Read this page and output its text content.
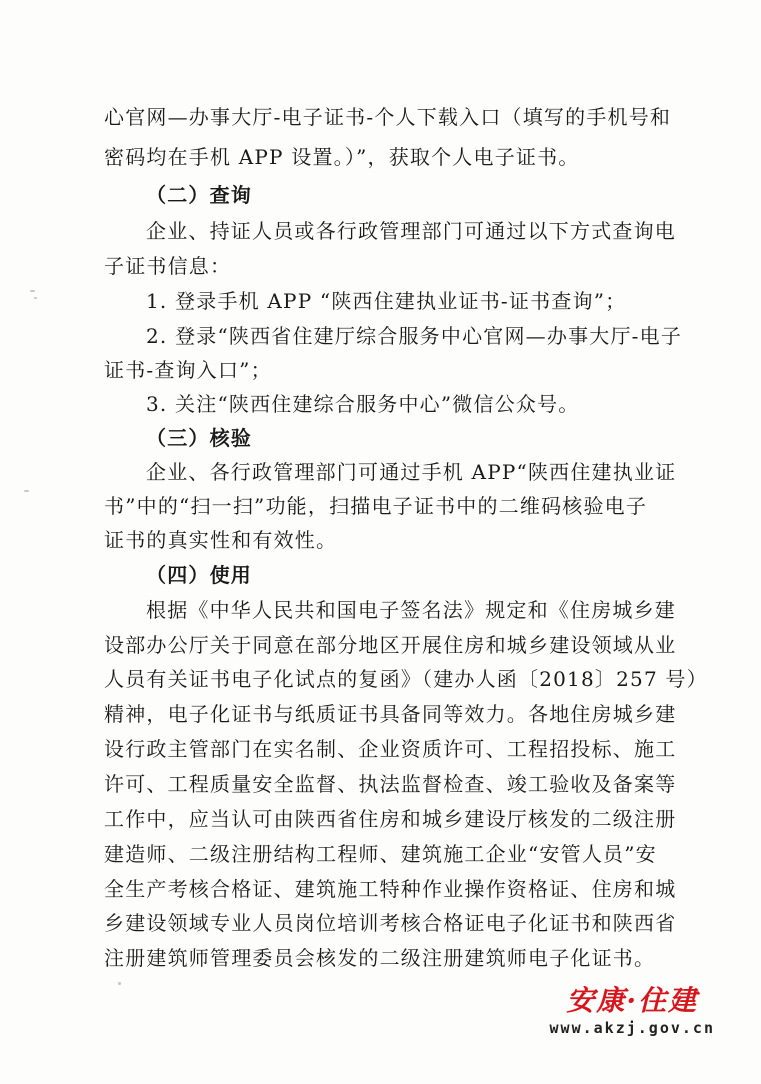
心官网—办事大厅-电子证书-个人下载入口（填写的手机号和
密码均在手机 APP 设置。）”，获取个人电子证书。
（二）查询
企业、持证人员或各行政管理部门可通过以下方式查询电
子证书信息：
1. 登录手机 APP “陕西住建执业证书-证书查询”；
2. 登录“陕西省住建厅综合服务中心官网—办事大厅-电子
证书-查询入口”；
3. 关注“陕西住建综合服务中心”微信公众号。
（三）核验
企业、各行政管理部门可通过手机 APP“陕西住建执业证
书”中的“扫一扫”功能，扫描电子证书中的二维码核验电子
证书的真实性和有效性。
（四）使用
根据《中华人民共和国电子签名法》规定和《住房城乡建
设部办公厅关于同意在部分地区开展住房和城乡建设领域从业
人员有关证书电子化试点的复函》（建办人函〔2018〕257 号）
精神，电子化证书与纸质证书具备同等效力。各地住房城乡建
设行政主管部门在实名制、企业资质许可、工程招投标、施工
许可、工程质量安全监督、执法监督检查、竣工验收及备案等
工作中，应当认可由陕西省住房和城乡建设厅核发的二级注册
建造师、二级注册结构工程师、建筑施工企业“安管人员”安
全生产考核合格证、建筑施工特种作业操作资格证、住房和城
乡建设领域专业人员岗位培训考核合格证电子化证书和陕西省
注册建筑师管理委员会核发的二级注册建筑师电子化证书。
安康·住建
www.akzj.gov.cn
